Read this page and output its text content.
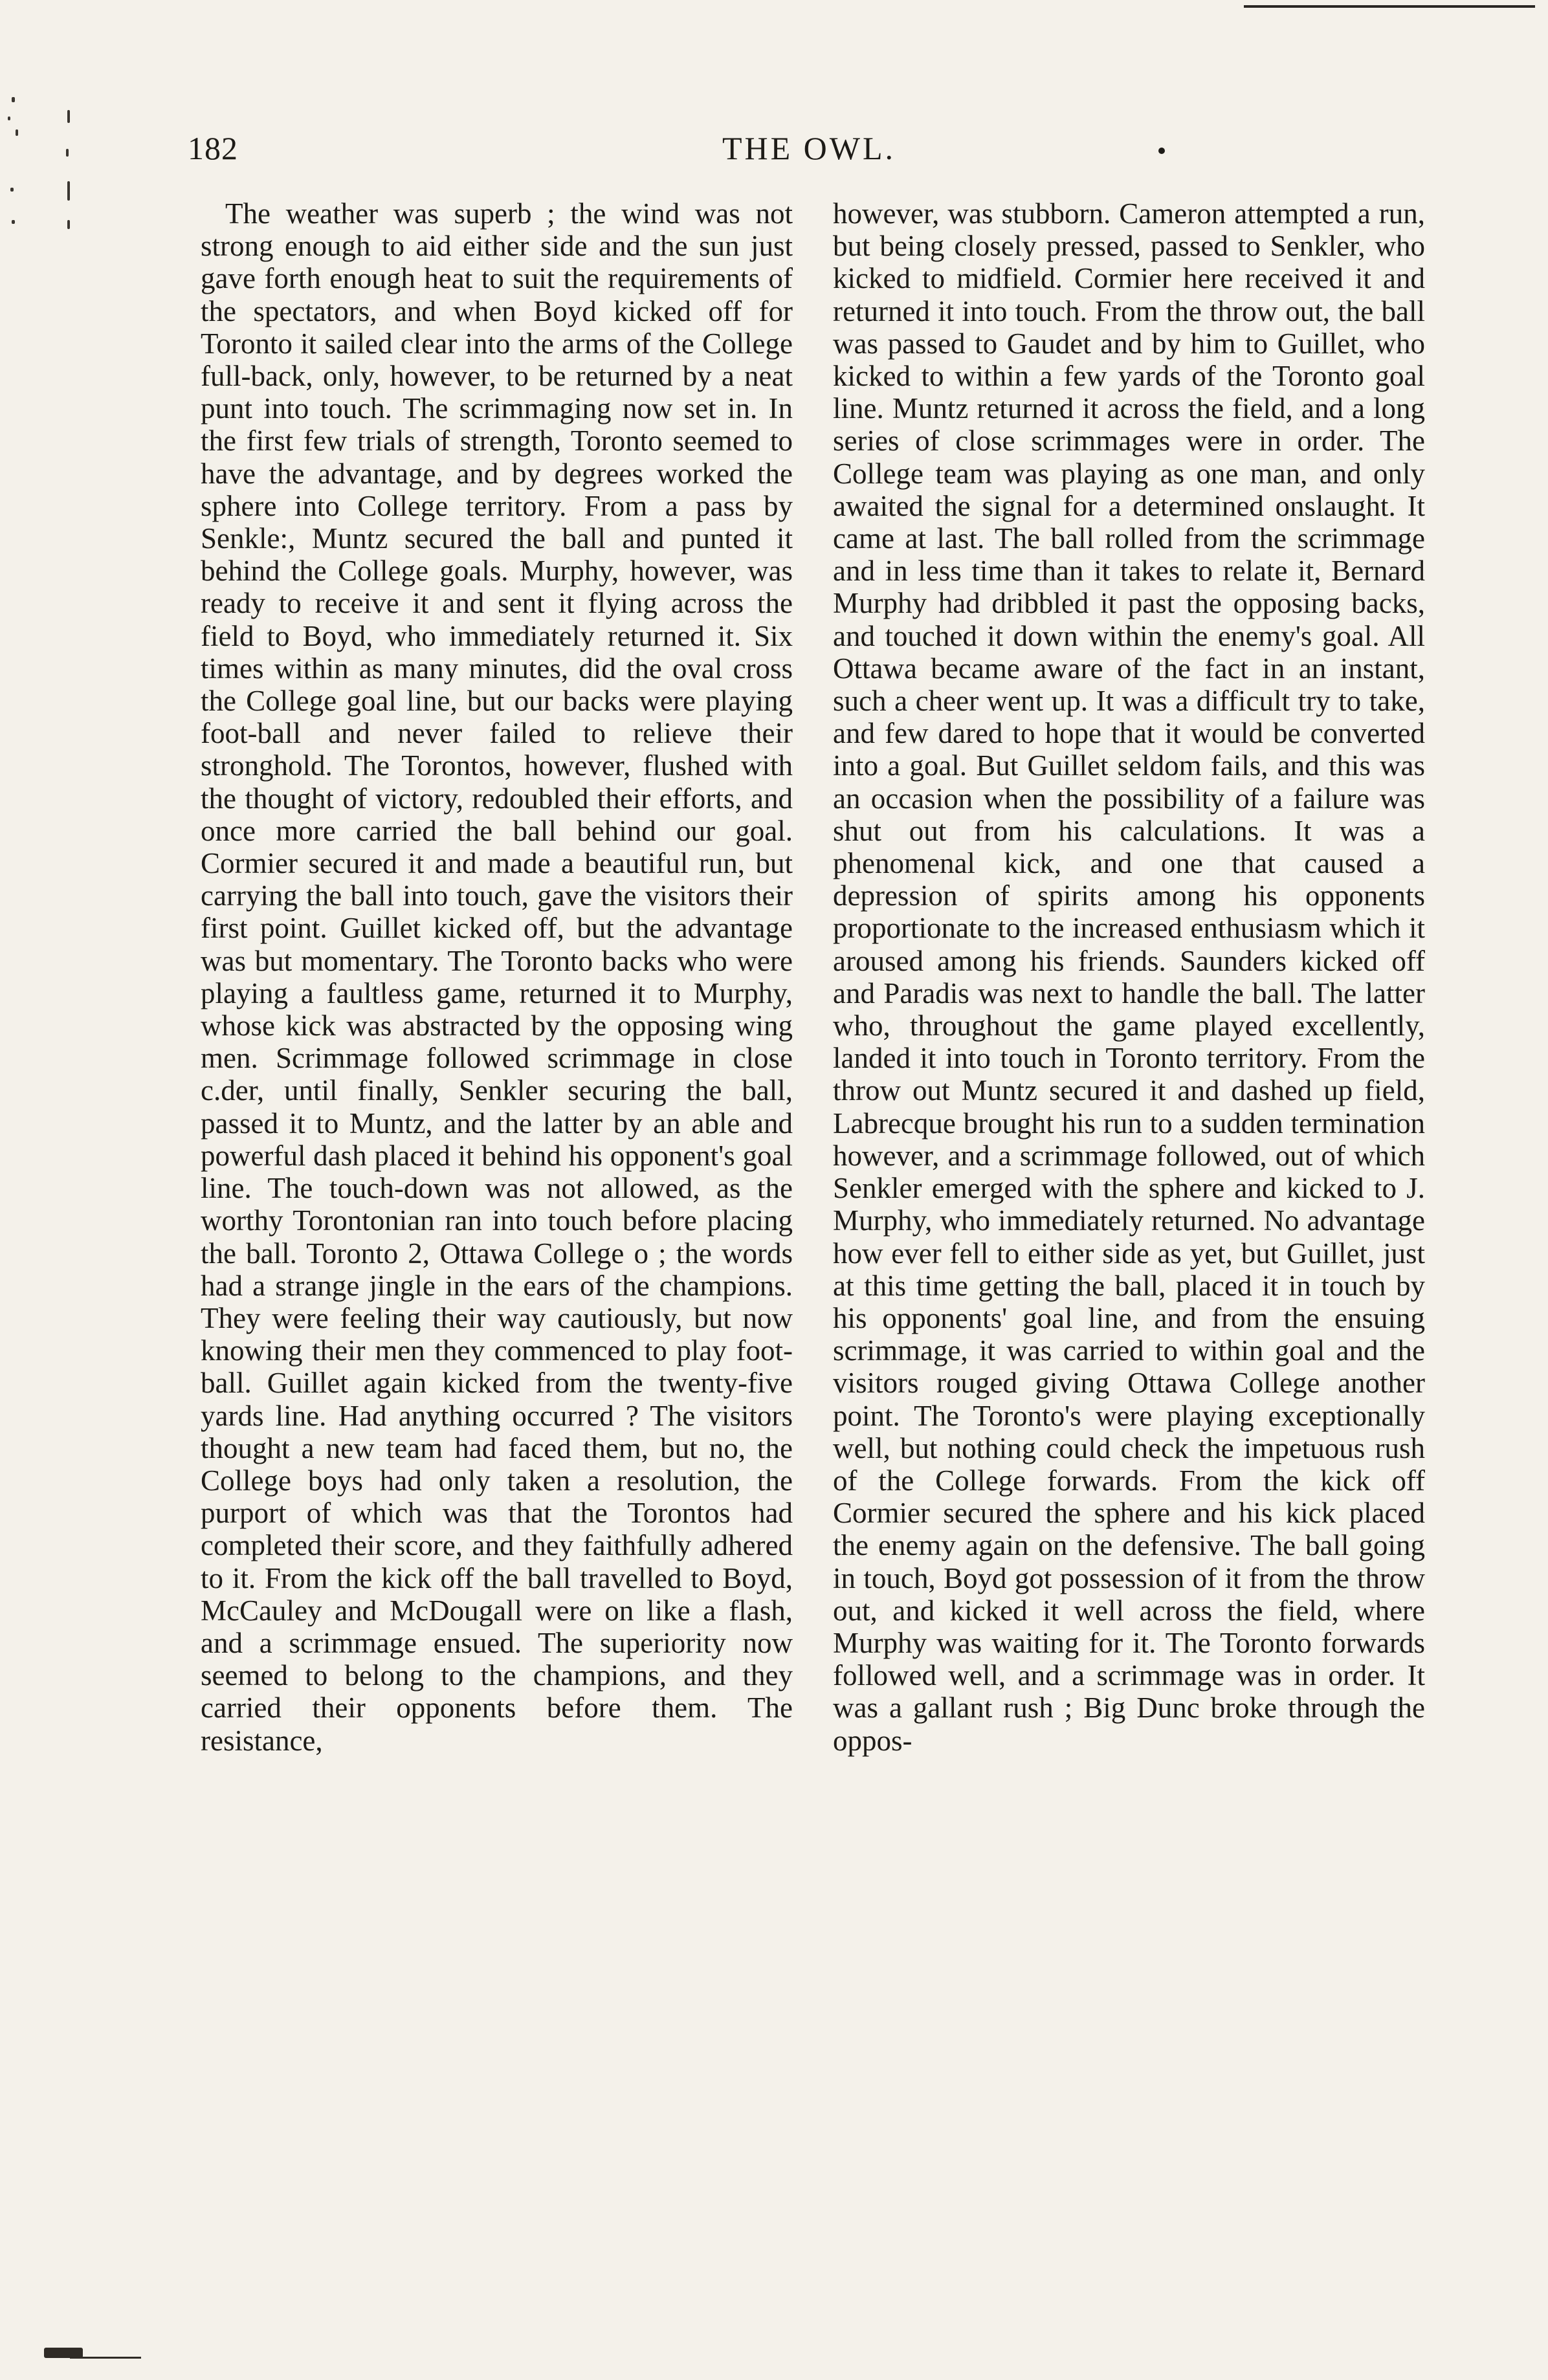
182	THE OWL.

The weather was superb ; the wind was not strong enough to aid either side and the sun just gave forth enough heat to suit the requirements of the spectators, and when Boyd kicked off for Toronto it sailed clear into the arms of the College full-back, only, however, to be returned by a neat punt into touch. The scrimmaging now set in. In the first few trials of strength, Toronto seemed to have the advantage, and by degrees worked the sphere into College territory. From a pass by Senkle:, Muntz secured the ball and punted it behind the College goals. Murphy, however, was ready to receive it and sent it flying across the field to Boyd, who immediately returned it. Six times within as many minutes, did the oval cross the College goal line, but our backs were playing foot-ball and never failed to relieve their stronghold. The Torontos, however, flushed with the thought of victory, redoubled their efforts, and once more carried the ball behind our goal. Cormier secured it and made a beautiful run, but carrying the ball into touch, gave the visitors their first point. Guillet kicked off, but the advantage was but momentary. The Toronto backs who were playing a faultless game, returned it to Murphy, whose kick was abstracted by the opposing wing men. Scrimmage followed scrimmage in close c.der, until finally, Senkler securing the ball, passed it to Muntz, and the latter by an able and powerful dash placed it behind his opponent's goal line. The touch-down was not allowed, as the worthy Torontonian ran into touch before placing the ball. Toronto 2, Ottawa College o ; the words had a strange jingle in the ears of the champions. They were feeling their way cautiously, but now knowing their men they commenced to play foot-ball. Guillet again kicked from the twenty-five yards line. Had anything occurred ? The visitors thought a new team had faced them, but no, the College boys had only taken a resolution, the purport of which was that the Torontos had completed their score, and they faithfully adhered to it. From the kick off the ball travelled to Boyd, McCauley and McDougall were on like a flash, and a scrimmage ensued. The superiority now seemed to belong to the champions, and they carried their opponents before them. The resistance,

however, was stubborn. Cameron attempted a run, but being closely pressed, passed to Senkler, who kicked to midfield. Cormier here received it and returned it into touch. From the throw out, the ball was passed to Gaudet and by him to Guillet, who kicked to within a few yards of the Toronto goal line. Muntz returned it across the field, and a long series of close scrimmages were in order. The College team was playing as one man, and only awaited the signal for a determined onslaught. It came at last. The ball rolled from the scrimmage and in less time than it takes to relate it, Bernard Murphy had dribbled it past the opposing backs, and touched it down within the enemy's goal. All Ottawa became aware of the fact in an instant, such a cheer went up. It was a difficult try to take, and few dared to hope that it would be converted into a goal. But Guillet seldom fails, and this was an occasion when the possibility of a failure was shut out from his calculations. It was a phenomenal kick, and one that caused a depression of spirits among his opponents proportionate to the increased enthusiasm which it aroused among his friends. Saunders kicked off and Paradis was next to handle the ball. The latter who, throughout the game played excellently, landed it into touch in Toronto territory. From the throw out Muntz secured it and dashed up field, Labrecque brought his run to a sudden termination however, and a scrimmage followed, out of which Senkler emerged with the sphere and kicked to J. Murphy, who immediately returned. No advantage how ever fell to either side as yet, but Guillet, just at this time getting the ball, placed it in touch by his opponents' goal line, and from the ensuing scrimmage, it was carried to within goal and the visitors rouged giving Ottawa College another point. The Toronto's were playing exceptionally well, but nothing could check the impetuous rush of the College forwards. From the kick off Cormier secured the sphere and his kick placed the enemy again on the defensive. The ball going in touch, Boyd got possession of it from the throw out, and kicked it well across the field, where Murphy was waiting for it. The Toronto forwards followed well, and a scrimmage was in order. It was a gallant rush ; Big Dunc broke through the oppos-
